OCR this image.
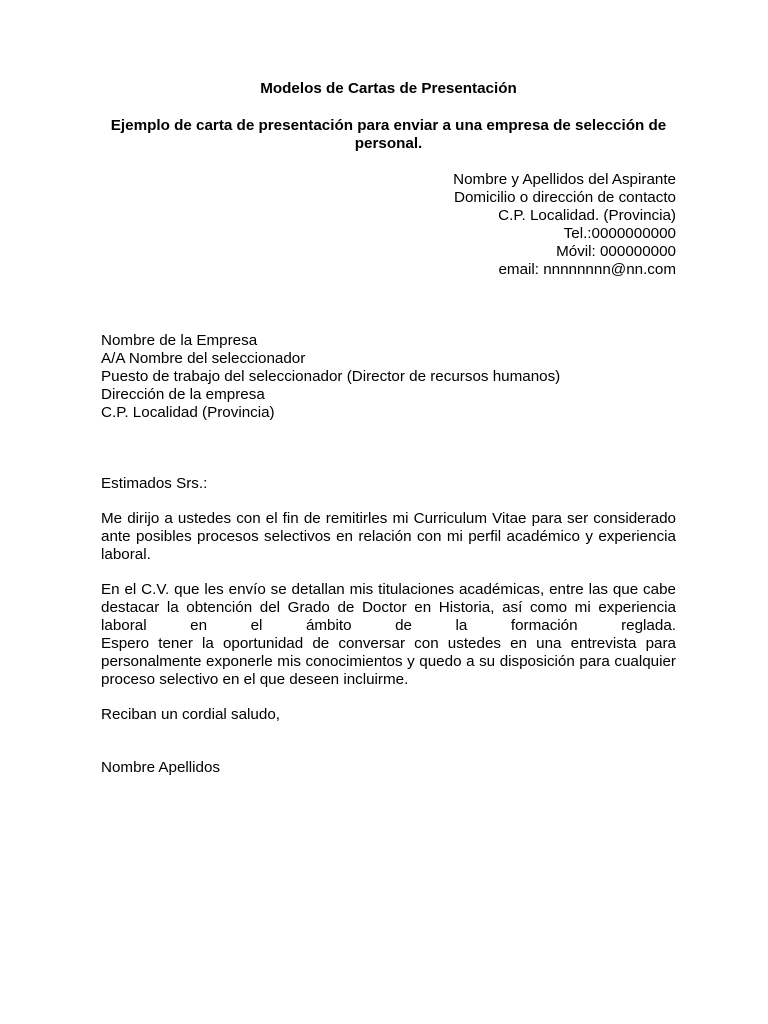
Modelos de Cartas de Presentación

Ejemplo de carta de presentación para enviar a una empresa de selección de personal.

Nombre y Apellidos del Aspirante
Domicilio o dirección de contacto
C.P. Localidad. (Provincia)
Tel.:0000000000
Móvil: 000000000
email: nnnnnnnn@nn.com
Nombre de la Empresa
A/A Nombre del seleccionador
Puesto de trabajo del seleccionador (Director de recursos humanos)
Dirección de la empresa
C.P. Localidad (Provincia)

Estimados Srs.:

Me dirijo a ustedes con el fin de remitirles mi Curriculum Vitae para ser considerado ante posibles procesos selectivos en relación con mi perfil académico y experiencia laboral.

En el C.V. que les envío se detallan mis titulaciones académicas, entre las que cabe destacar la obtención del Grado de Doctor en Historia, así como mi experiencia laboral en el ámbito de la formación reglada.

Espero tener la oportunidad de conversar con ustedes en una entrevista para personalmente exponerle mis conocimientos y quedo a su disposición para cualquier proceso selectivo en el que deseen incluirme.

Reciban un cordial saludo,

Nombre Apellidos
